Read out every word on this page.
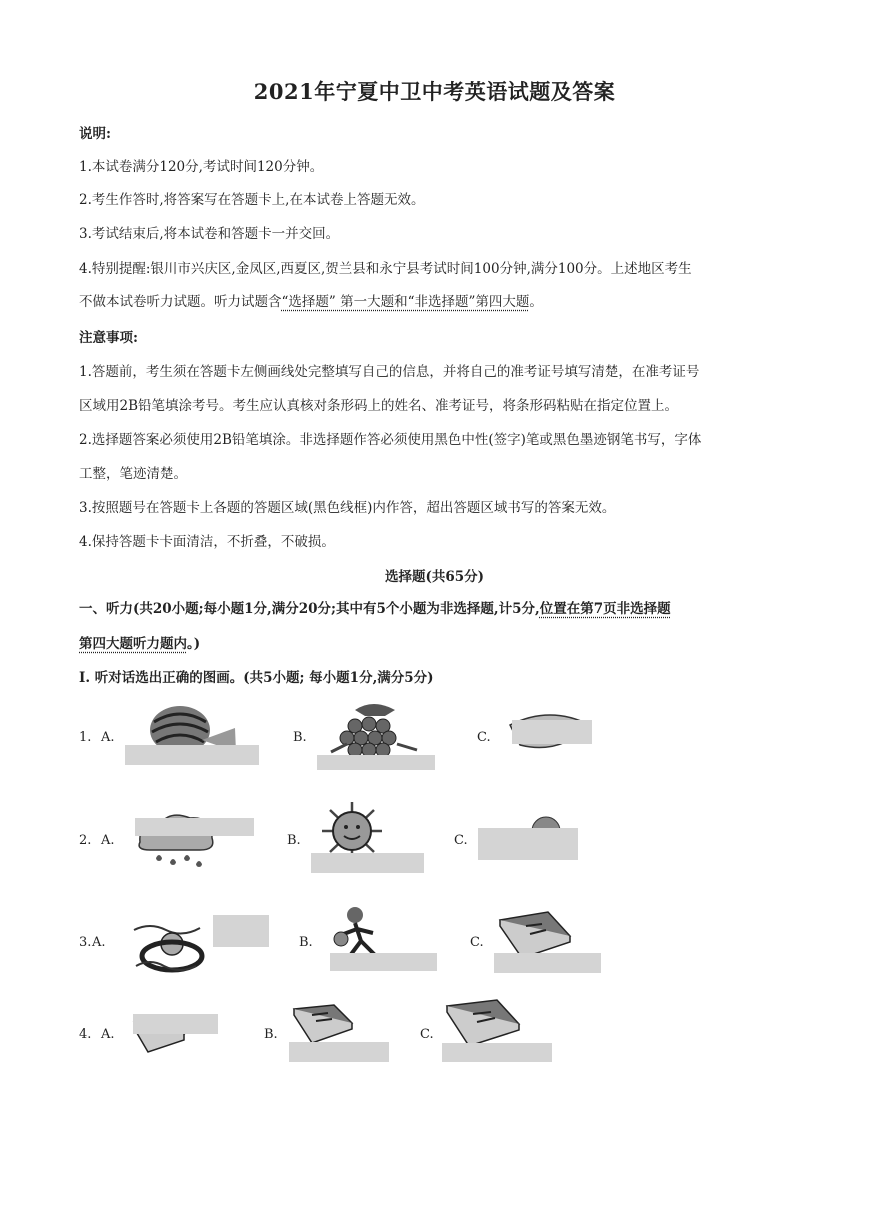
2021年宁夏中卫中考英语试题及答案
说明:
1.本试卷满分120分,考试时间120分钟。
2.考生作答时,将答案写在答题卡上,在本试卷上答题无效。
3.考试结束后,将本试卷和答题卡一并交回。
4.特别提醒:银川市兴庆区,金凤区,西夏区,贺兰县和永宁县考试时间100分钟,满分100分。上述地区考生
不做本试卷听力试题。听力试题含“选择题” 第一大题和“非选择题”第四大题。
注意事项:
1.答题前，考生须在答题卡左侧画线处完整填写自己的信息，并将自己的准考证号填写清楚，在准考证号
区域用2B铅笔填涂考号。考生应认真核对条形码上的姓名、准考证号，将条形码粘贴在指定位置上。
2.选择题答案必须使用2B铅笔填涂。非选择题作答必须使用黑色中性(签字)笔或黑色墨迹钢笔书写，字体
工整，笔迹清楚。
3.按照题号在答题卡上各题的答题区域(黑色线框)内作答，超出答题区域书写的答案无效。
4.保持答题卡卡面清洁，不折叠，不破损。
选择题(共65分)
一、听力(共20小题;每小题1分,满分20分;其中有5个小题为非选择题,计5分,位置在第7页非选择题
第四大题听力题内。)
I. 听对话选出正确的图画。(共5小题; 每小题1分,满分5分)
1. A.	B.	C.
2. A.	B.	C.
3. A.	B.	C.
4. A.	B.	C.
